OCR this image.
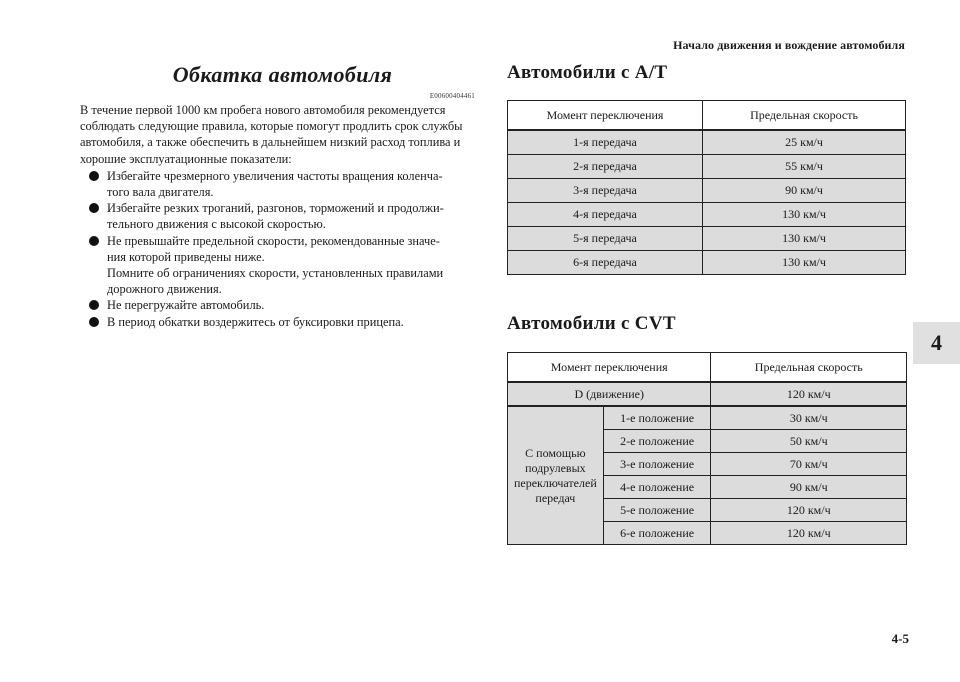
Начало движения и вождение автомобиля
Обкатка автомобиля
E00600404461
В течение первой 1000 км пробега нового автомобиля рекомендуется соблюдать следующие правила, которые помогут продлить срок службы автомобиля, а также обеспечить в дальнейшем низкий расход топлива и хорошие эксплуатационные показатели:
Избегайте чрезмерного увеличения частоты вращения коленча-
того вала двигателя.
Избегайте резких троганий, разгонов, торможений и продолжи-
тельного движения с высокой скоростью.
Не превышайте предельной скорости, рекомендованные значе-
ния которой приведены ниже.
Помните об ограничениях скорости, установленных правилами
дорожного движения.
Не перегружайте автомобиль.
В период обкатки воздержитесь от буксировки прицепа.
Автомобили с A/T
Момент переключения	Предельная скорость
1-я передача	25 км/ч
2-я передача	55 км/ч
3-я передача	90 км/ч
4-я передача	130 км/ч
5-я передача	130 км/ч
6-я передача	130 км/ч
Автомобили с CVT
Момент переключения		Предельная скорость
D (движение)		120 км/ч
С помощью
подрулевых
переключателей
передач	1-е положение	30 км/ч
	2-е положение	50 км/ч
	3-е положение	70 км/ч
	4-е положение	90 км/ч
	5-е положение	120 км/ч
	6-е положение	120 км/ч
4
4-5
